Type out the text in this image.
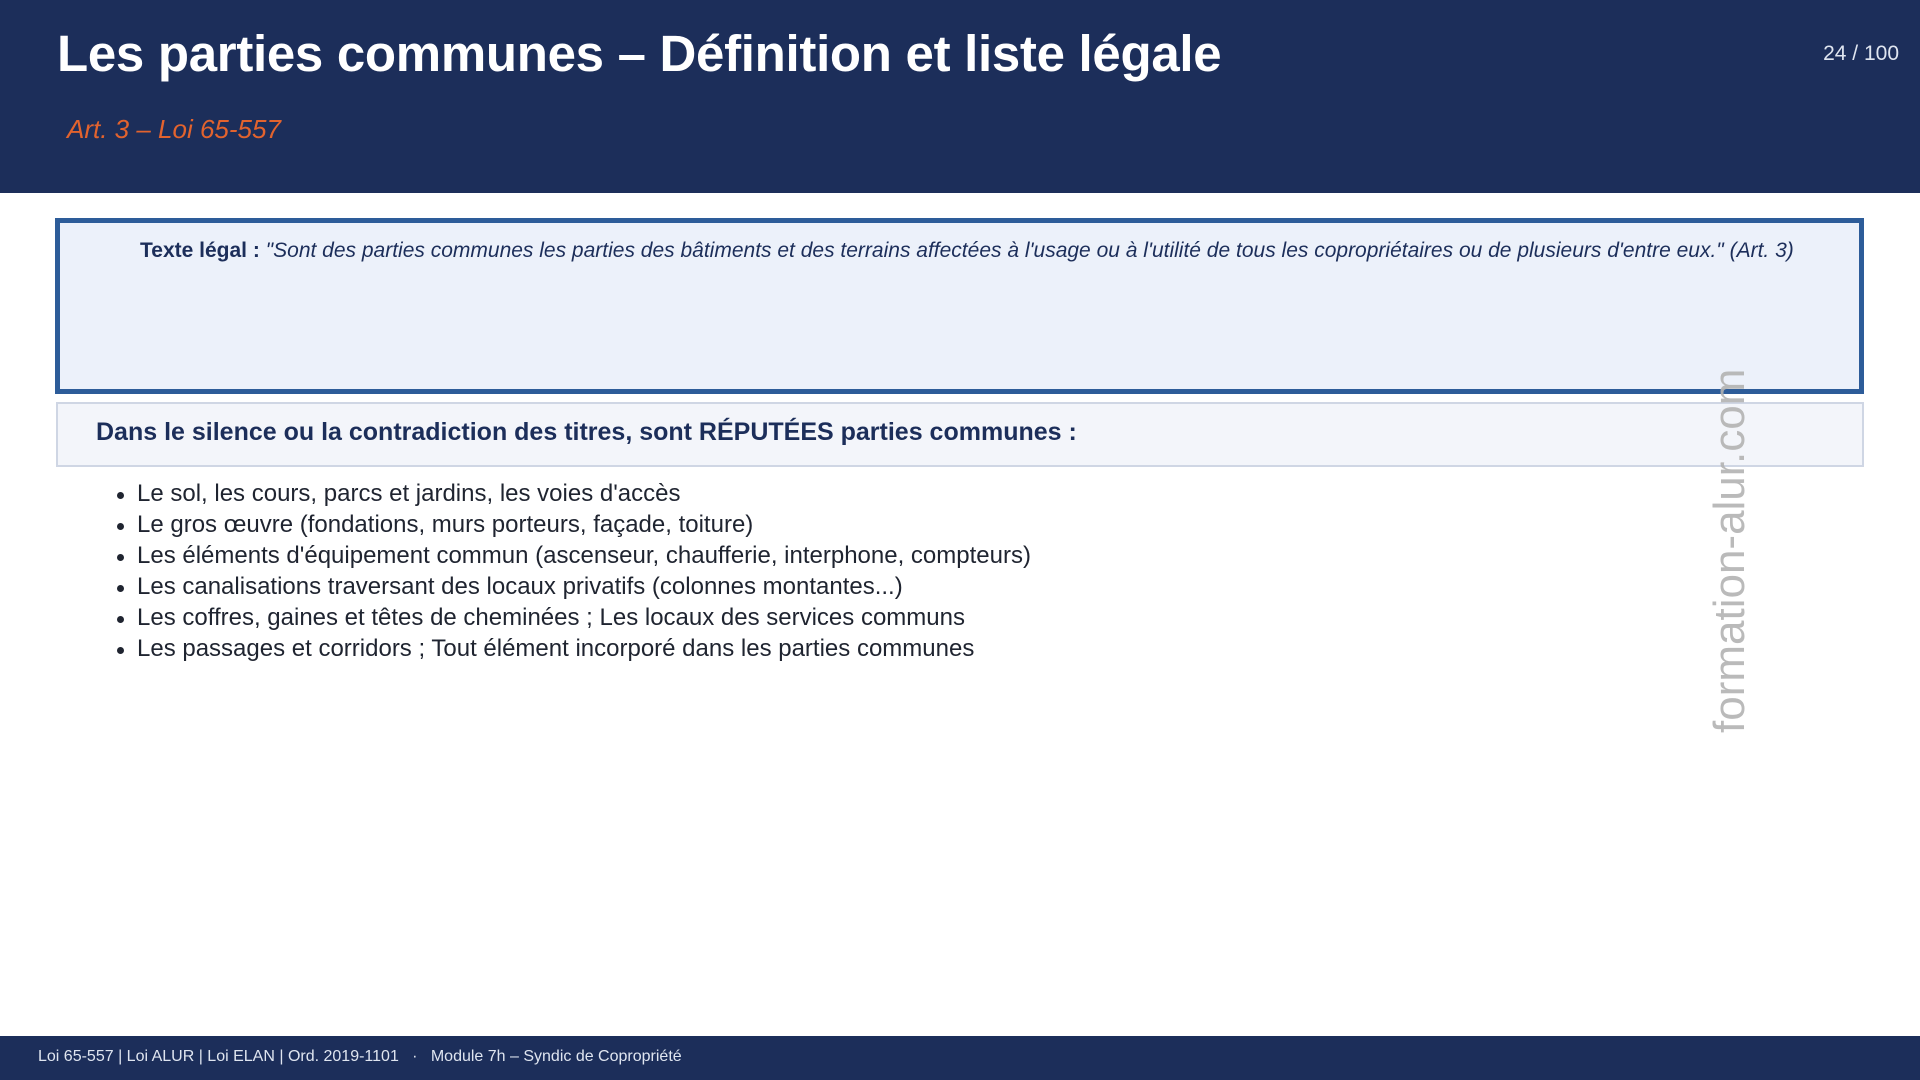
Les parties communes – Définition et liste légale
Art. 3 – Loi 65-557
24 / 100
Texte légal : "Sont des parties communes les parties des bâtiments et des terrains affectées à l'usage ou à l'utilité de tous les copropriétaires ou de plusieurs d'entre eux." (Art. 3)
Dans le silence ou la contradiction des titres, sont RÉPUTÉES parties communes :
Le sol, les cours, parcs et jardins, les voies d'accès
Le gros œuvre (fondations, murs porteurs, façade, toiture)
Les éléments d'équipement commun (ascenseur, chaufferie, interphone, compteurs)
Les canalisations traversant des locaux privatifs (colonnes montantes...)
Les coffres, gaines et têtes de cheminées ; Les locaux des services communs
Les passages et corridors ; Tout élément incorporé dans les parties communes	formation-alur.com
Loi 65-557 | Loi ALUR | Loi ELAN | Ord. 2019-1101   ·   Module 7h – Syndic de Copropriété
